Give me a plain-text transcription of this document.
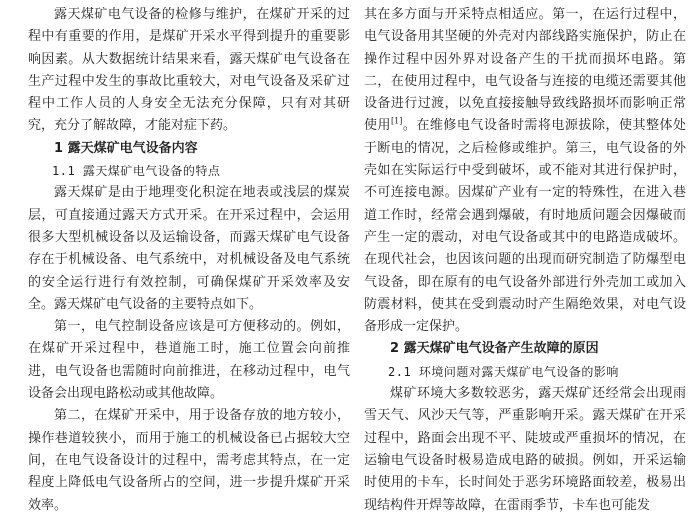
露天煤矿电气设备的检修与维护，在煤矿开采的过程中有重要的作用，是煤矿开采水平得到提升的重要影响因素。从大数据统计结果来看，露天煤矿电气设备在生产过程中发生的事故比重较大，对电气设备及采矿过程中工作人员的人身安全无法充分保障，只有对其研究，充分了解故障，才能对症下药。

1 露天煤矿电气设备内容
1.1 露天煤矿电气设备的特点

露天煤矿是由于地理变化积淀在地表或浅层的煤炭层，可直接通过露天方式开采。在开采过程中，会运用很多大型机械设备以及运输设备，而露天煤矿电气设备存在于机械设备、电气系统中，对机械设备及电气系统的安全运行进行有效控制，可确保煤矿开采效率及安全。露天煤矿电气设备的主要特点如下。

第一，电气控制设备应该是可方便移动的。例如，在煤矿开采过程中，巷道施工时，施工位置会向前推进，电气设备也需随时向前推进，在移动过程中，电气设备会出现电路松动或其他故障。

第二，在煤矿开采中，用于设备存放的地方较小，操作巷道较狭小，而用于施工的机械设备已占据较大空间，在电气设备设计的过程中，需考虑其特点，在一定程度上降低电气设备所占的空间，进一步提升煤矿开采效率。

其在多方面与开采特点相适应。第一，在运行过程中，电气设备用其坚硬的外壳对内部线路实施保护，防止在操作过程中因外界对设备产生的干扰而损坏电路。第二，在使用过程中，电气设备与连接的电缆还需要其他设备进行过渡，以免直接接触导致线路损坏而影响正常使用[1]。在维修电气设备时需将电源拔除，使其整体处于断电的情况，之后检修或维护。第三，电气设备的外壳如在实际运行中受到破坏，或不能对其进行保护时，不可连接电源。因煤矿产业有一定的特殊性，在进入巷道工作时，经常会遇到爆破，有时地质问题会因爆破而产生一定的震动，对电气设备或其中的电路造成破坏。在现代社会，也因该问题的出现而研究制造了防爆型电气设备，即在原有的电气设备外部进行外壳加工或加入防震材料，使其在受到震动时产生隔绝效果，对电气设备形成一定保护。

2 露天煤矿电气设备产生故障的原因
2.1 环境问题对露天煤矿电气设备的影响

煤矿环境大多数较恶劣，露天煤矿还经常会出现雨雪天气、风沙天气等，严重影响开采。露天煤矿在开采过程中，路面会出现不平、陡坡或严重损坏的情况，在运输电气设备时极易造成电路的破损。例如，开采运输时使用的卡车，长时间处于恶劣环境路面较差，极易出现结构件开焊等故障，在雷雨季节，卡车也可能发
